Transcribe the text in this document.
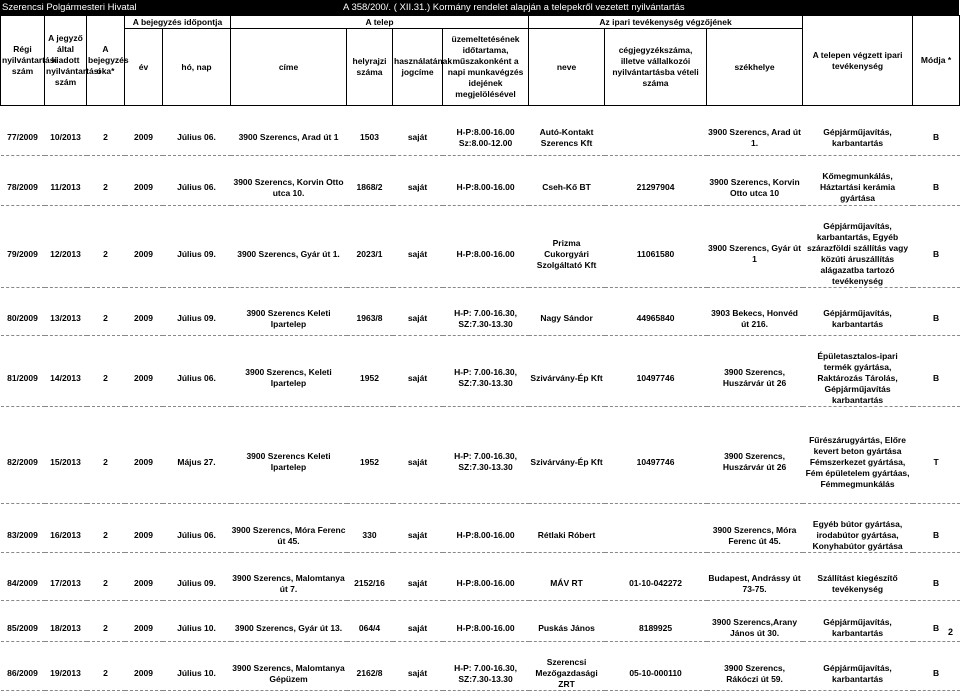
Szerencsi Polgármesteri Hivatal	A 358/200/. ( XII.31.) Kormány rendelet alapján a telepekről vezetett nyilvántartás
Régi nyilvántartási szám	A jegyző által kiadott nyilvántartási szám	A bejegyzés oka*	A bejegyzés időpontja		A telep				Az ipari tevékenység végzőjének			A telepen végzett ipari tevékenység	Módja *
			év	hó, nap	címe	helyrajzi száma	használatának jogcíme	üzemeltetésének időtartama, műszakonként a napi munkavégzés idejének megjelölésével	neve	cégjegyzékszáma, illetve vállalkozói nyilvántartásba vételi száma	székhelye		

77/2009	10/2013	2	2009	Július 06.	3900 Szerencs, Arad út 1	1503	saját	H-P:8.00-16.00 Sz:8.00-12.00	Autó-Kontakt Szerencs Kft		3900 Szerencs, Arad út 1.	Gépjárműjavítás, karbantartás	B

78/2009	11/2013	2	2009	Július 06.	3900 Szerencs, Korvin Otto utca 10.	1868/2	saját	H-P:8.00-16.00	Cseh-Kő BT	21297904	3900 Szerencs, Korvin Otto utca 10	Kőmegmunkálás, Háztartási kerámia gyártása	B

79/2009	12/2013	2	2009	Július 09.	3900 Szerencs, Gyár út 1.	2023/1	saját	H-P:8.00-16.00	Prizma Cukorgyári Szolgáltató Kft	11061580	3900 Szerencs, Gyár út 1	Gépjárműjavítás, karbantartás, Egyéb szárazföldi szállítás vagy közúti áruszállítás alágazatba tartozó tevékenység	B

80/2009	13/2013	2	2009	Július 09.	3900 Szerencs Keleti Ipartelep	1963/8	saját	H-P: 7.00-16.30, SZ:7.30-13.30	Nagy Sándor	44965840	3903 Bekecs, Honvéd út 216.	Gépjárműjavítás, karbantartás	B

81/2009	14/2013	2	2009	Július 06.	3900 Szerencs, Keleti Ipartelep	1952	saját	H-P: 7.00-16.30, SZ:7.30-13.30	Szivárvány-Ép Kft	10497746	3900 Szerencs, Huszárvár út 26	Épületasztalos-ipari termék gyártása, Raktározás Tárolás, Gépjárműjavítás karbantartás	B

82/2009	15/2013	2	2009	Május 27.	3900 Szerencs Keleti Ipartelep	1952	saját	H-P: 7.00-16.30, SZ:7.30-13.30	Szivárvány-Ép Kft	10497746	3900 Szerencs, Huszárvár út 26	Fűrészárugyártás, Előre kevert beton gyártása Fémszerkezet gyártása, Fém épületelem gyártáas, Fémmegmunkálás	T

83/2009	16/2013	2	2009	Július 06.	3900 Szerencs, Móra Ferenc út 45.	330	saját	H-P:8.00-16.00	Rétlaki Róbert		3900 Szerencs, Móra Ferenc út 45.	Egyéb bútor gyártása, irodabútor gyártása, Konyhabútor gyártása	B

84/2009	17/2013	2	2009	Július 09.	3900 Szerencs, Malomtanya út 7.	2152/16	saját	H-P:8.00-16.00	MÁV RT	01-10-042272	Budapest, Andrássy út 73-75.	Szállítást kiegészítő tevékenység	B

85/2009	18/2013	2	2009	Július 10.	3900 Szerencs, Gyár út 13.	064/4	saját	H-P:8.00-16.00	Puskás János	8189925	3900 Szerencs,Arany János út 30.	Gépjárműjavítás, karbantartás	B

86/2009	19/2013	2	2009	Július 10.	3900 Szerencs, Malomtanya Gépüzem	2162/8	saját	H-P: 7.00-16.30, SZ:7.30-13.30	Szerencsi Mezőgazdasági ZRT	05-10-000110	3900 Szerencs, Rákóczi út 59.	Gépjárműjavítás, karbantartás	B
2
